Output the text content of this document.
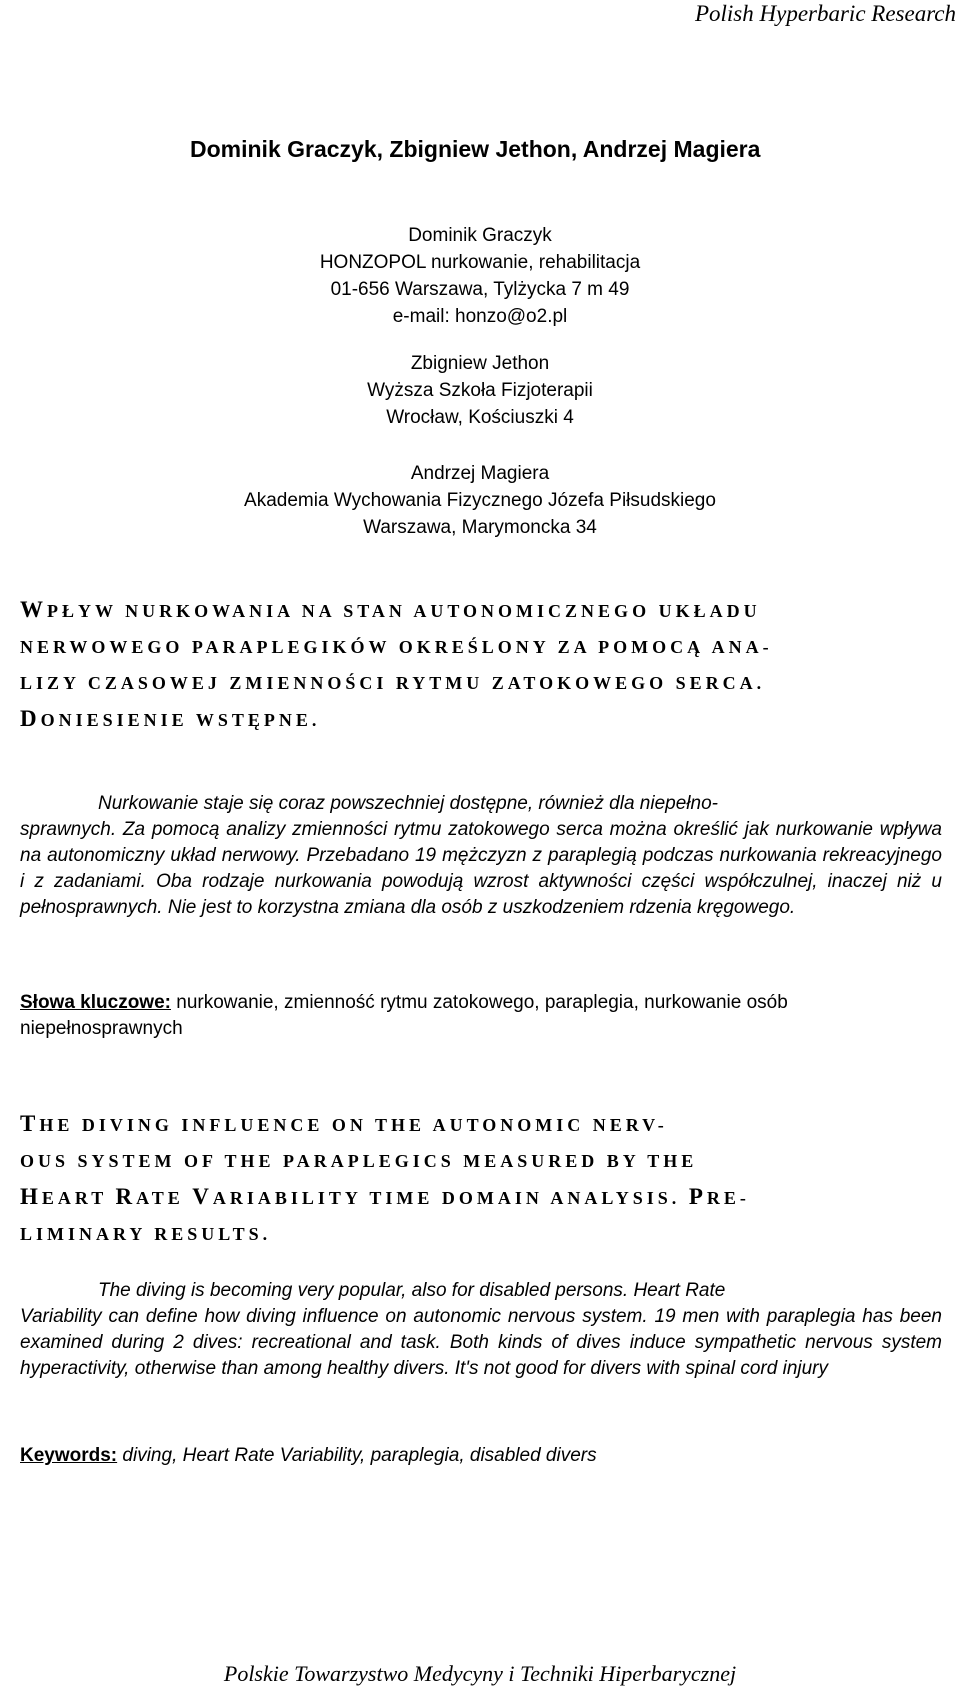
Polish Hyperbaric Research
Dominik Graczyk, Zbigniew Jethon, Andrzej Magiera
Dominik Graczyk
HONZOPOL nurkowanie, rehabilitacja
01-656 Warszawa, Tylżycka 7 m 49
e-mail: honzo@o2.pl
Zbigniew Jethon
Wyższa Szkoła Fizjoterapii
Wrocław, Kościuszki 4
Andrzej Magiera
Akademia Wychowania Fizycznego Józefa Piłsudskiego
Warszawa, Marymoncka 34
WPŁYW NURKOWANIA NA STAN AUTONOMICZNEGO UKŁADU
NERWOWEGO PARAPLEGIKÓW OKREŚLONY ZA POMOCĄ ANA-
LIZY CZASOWEJ ZMIENNOŚCI RYTMU ZATOKOWEGO SERCA.
DONIESIENIE WSTĘPNE.
Nurkowanie staje się coraz powszechniej dostępne, również dla niepełno-
sprawnych. Za pomocą analizy zmienności rytmu zatokowego serca można określić jak nurkowanie wpływa na autonomiczny układ nerwowy. Przebadano 19 mężczyzn z paraplegią podczas nurkowania rekreacyjnego i z zadaniami. Oba rodzaje nurkowania powodują wzrost aktywności części współczulnej, inaczej niż u pełnosprawnych. Nie jest to korzystna zmiana dla osób z uszkodzeniem rdzenia kręgowego.
Słowa kluczowe: nurkowanie, zmienność rytmu zatokowego, paraplegia, nurkowanie osób niepełnosprawnych
THE DIVING INFLUENCE ON THE AUTONOMIC NERV-
OUS SYSTEM OF THE PARAPLEGICS MEASURED BY THE
HEART RATE VARIABILITY TIME DOMAIN ANALYSIS. PRE-
LIMINARY RESULTS.
The diving is becoming very popular, also for disabled persons. Heart Rate
Variability can define how diving influence on autonomic nervous system. 19 men with paraplegia has been examined during 2 dives: recreational and task. Both kinds of dives induce sympathetic nervous system hyperactivity, otherwise than among healthy divers. It's not good for divers with spinal cord injury
Keywords: diving, Heart Rate Variability, paraplegia, disabled divers
Polskie Towarzystwo Medycyny i Techniki Hiperbarycznej
